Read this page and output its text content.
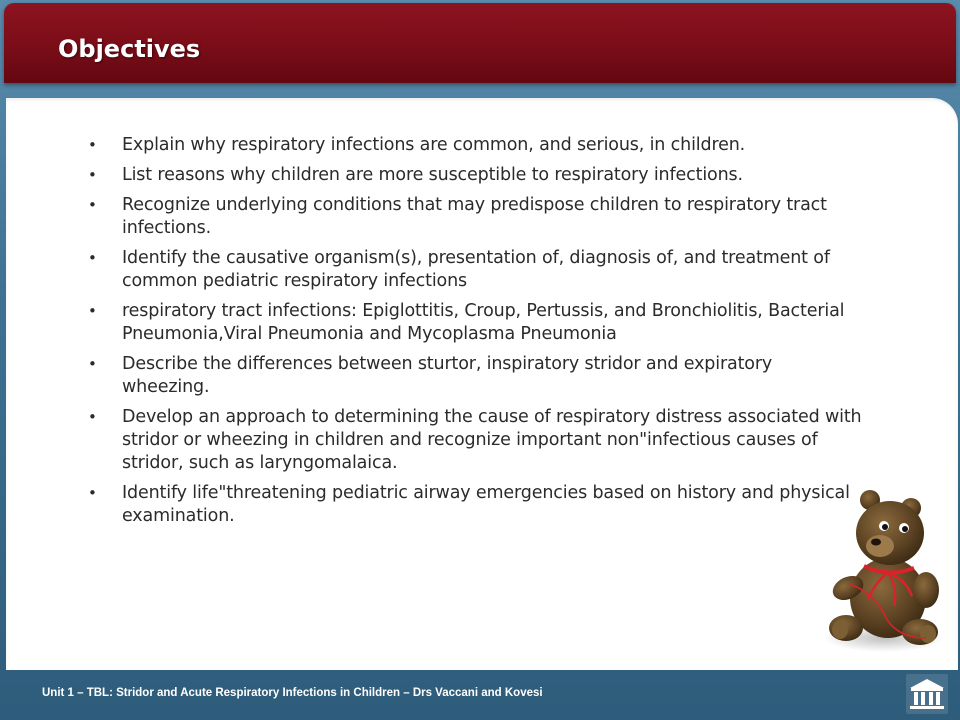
Objectives
• Explain why respiratory infections are common, and serious, in children.
• List reasons why children are more susceptible to respiratory infections.
• Recognize underlying conditions that may predispose children to respiratory tract infections.
• Identify the causative organism(s), presentation of, diagnosis of, and treatment of common pediatric respiratory infections
• respiratory tract infections: Epiglottitis, Croup, Pertussis, and Bronchiolitis, Bacterial Pneumonia,Viral Pneumonia and Mycoplasma Pneumonia
• Describe the differences between sturtor, inspiratory stridor and expiratory wheezing.
• Develop an approach to determining the cause of respiratory distress associated with stridor or wheezing in children and recognize important non"infectious causes of stridor, such as laryngomalaica.
• Identify life"threatening pediatric airway emergencies based on history and physical examination.
Unit 1 – TBL: Stridor and Acute Respiratory Infections in Children – Drs Vaccani and Kovesi
